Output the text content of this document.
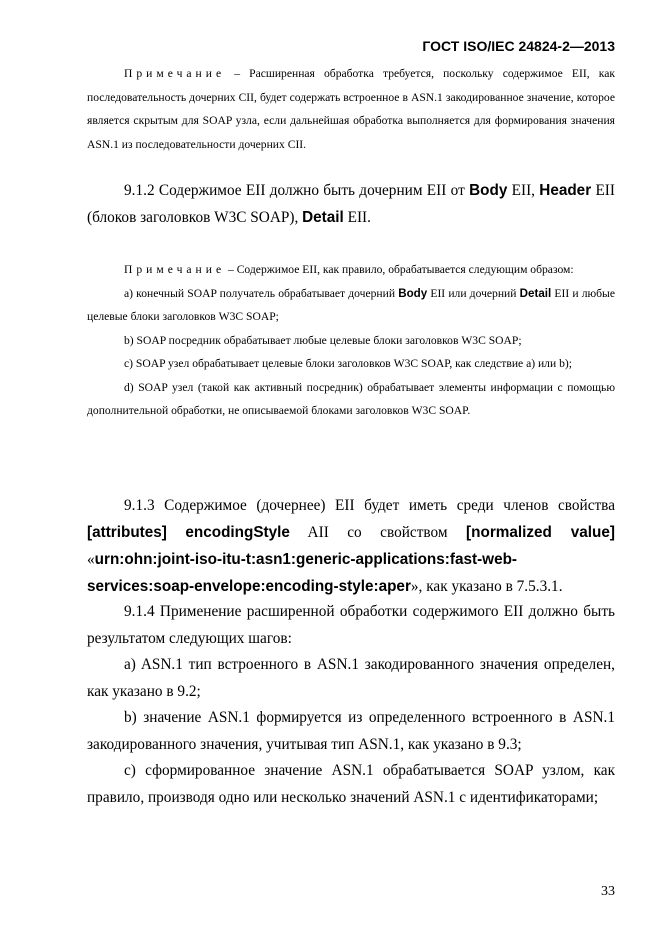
ГОСТ ISO/IEC 24824-2—2013

Примечание – Расширенная обработка требуется, поскольку содержимое EII, как последовательность дочерних CII, будет содержать встроенное в ASN.1 закодированное значение, которое является скрытым для SOAP узла, если дальнейшая обработка выполняется для формирования значения ASN.1 из последовательности дочерних CII.

9.1.2 Содержимое EII должно быть дочерним EII от Body EII, Header EII (блоков заголовков W3C SOAP), Detail EII.

Примечание – Содержимое EII, как правило, обрабатывается следующим образом:

a) конечный SOAP получатель обрабатывает дочерний Body EII или дочерний Detail EII и любые целевые блоки заголовков W3C SOAP;

b) SOAP посредник обрабатывает любые целевые блоки заголовков W3C SOAP;

c) SOAP узел обрабатывает целевые блоки заголовков W3C SOAP, как следствие a) или b);

d) SOAP узел (такой как активный посредник) обрабатывает элементы информации с помощью дополнительной обработки, не описываемой блоками заголовков W3C SOAP.

9.1.3 Содержимое (дочернее) EII будет иметь среди членов свойства [attributes] encodingStyle AII со свойством [normalized value] «urn:ohn:joint-iso-itu-t:asn1:generic-applications:fast-web-services:soap-envelope:encoding-style:aper», как указано в 7.5.3.1.

9.1.4 Применение расширенной обработки содержимого EII должно быть результатом следующих шагов:

a) ASN.1 тип встроенного в ASN.1 закодированного значения определен, как указано в 9.2;

b) значение ASN.1 формируется из определенного встроенного в ASN.1 закодированного значения, учитывая тип ASN.1, как указано в 9.3;

c) сформированное значение ASN.1 обрабатывается SOAP узлом, как правило, производя одно или несколько значений ASN.1 с идентификаторами;

33
